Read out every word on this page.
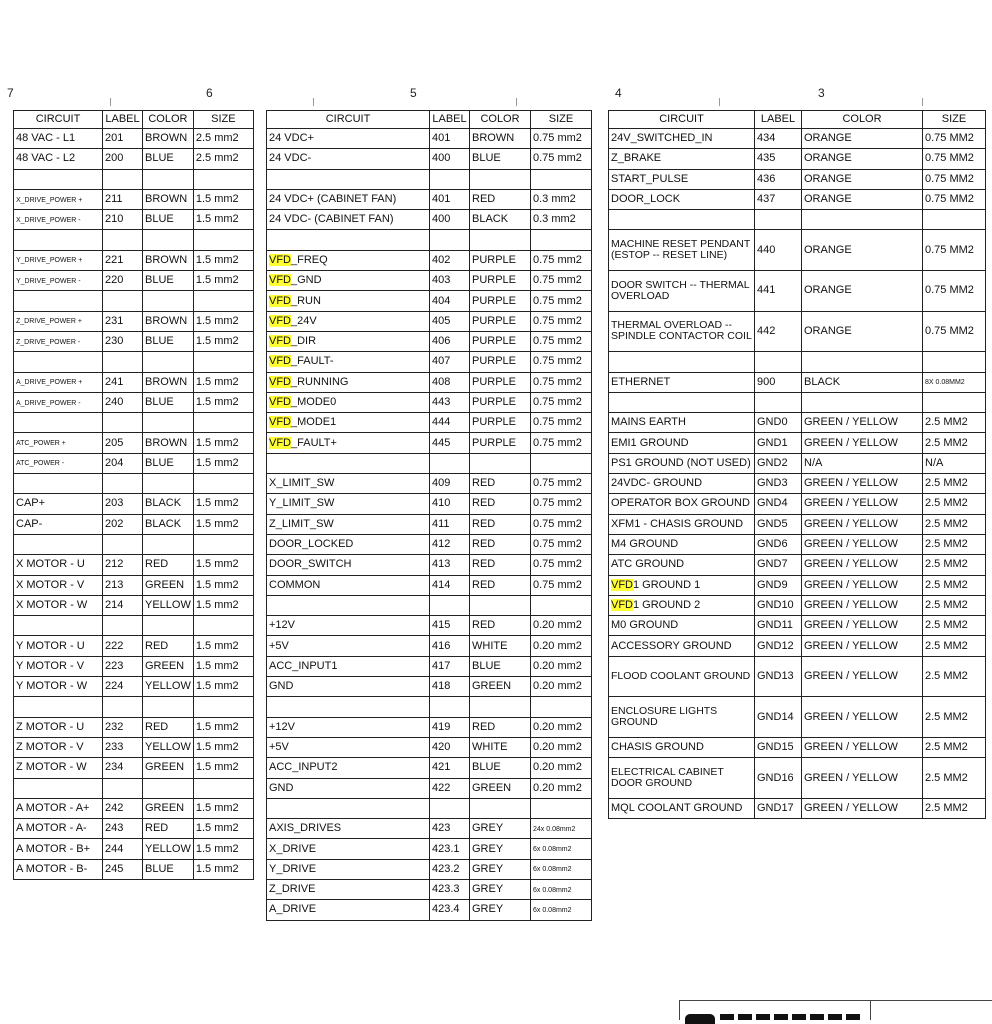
7	6	5	4	3
CIRCUIT	LABEL	COLOR	SIZE
48 VAC - L1	201	BROWN	2.5 mm2
48 VAC - L2	200	BLUE	2.5 mm2

X_DRIVE_POWER +	211	BROWN	1.5 mm2
X_DRIVE_POWER -	210	BLUE	1.5 mm2

Y_DRIVE_POWER +	221	BROWN	1.5 mm2
Y_DRIVE_POWER -	220	BLUE	1.5 mm2

Z_DRIVE_POWER +	231	BROWN	1.5 mm2
Z_DRIVE_POWER -	230	BLUE	1.5 mm2

A_DRIVE_POWER +	241	BROWN	1.5 mm2
A_DRIVE_POWER -	240	BLUE	1.5 mm2

ATC_POWER +	205	BROWN	1.5 mm2
ATC_POWER -	204	BLUE	1.5 mm2

CAP+	203	BLACK	1.5 mm2
CAP-	202	BLACK	1.5 mm2

X MOTOR - U	212	RED	1.5 mm2
X MOTOR - V	213	GREEN	1.5 mm2
X MOTOR - W	214	YELLOW	1.5 mm2

Y MOTOR - U	222	RED	1.5 mm2
Y MOTOR - V	223	GREEN	1.5 mm2
Y MOTOR - W	224	YELLOW	1.5 mm2

Z MOTOR - U	232	RED	1.5 mm2
Z MOTOR - V	233	YELLOW	1.5 mm2
Z MOTOR - W	234	GREEN	1.5 mm2

A MOTOR - A+	242	GREEN	1.5 mm2
A MOTOR - A-	243	RED	1.5 mm2
A MOTOR - B+	244	YELLOW	1.5 mm2
A MOTOR - B-	245	BLUE	1.5 mm2
CIRCUIT	LABEL	COLOR	SIZE
24 VDC+	401	BROWN	0.75 mm2
24 VDC-	400	BLUE	0.75 mm2

24 VDC+ (CABINET FAN)	401	RED	0.3 mm2
24 VDC- (CABINET FAN)	400	BLACK	0.3 mm2

VFD_FREQ	402	PURPLE	0.75 mm2
VFD_GND	403	PURPLE	0.75 mm2
VFD_RUN	404	PURPLE	0.75 mm2
VFD_24V	405	PURPLE	0.75 mm2
VFD_DIR	406	PURPLE	0.75 mm2
VFD_FAULT-	407	PURPLE	0.75 mm2
VFD_RUNNING	408	PURPLE	0.75 mm2
VFD_MODE0	443	PURPLE	0.75 mm2
VFD_MODE1	444	PURPLE	0.75 mm2
VFD_FAULT+	445	PURPLE	0.75 mm2

X_LIMIT_SW	409	RED	0.75 mm2
Y_LIMIT_SW	410	RED	0.75 mm2
Z_LIMIT_SW	411	RED	0.75 mm2
DOOR_LOCKED	412	RED	0.75 mm2
DOOR_SWITCH	413	RED	0.75 mm2
COMMON	414	RED	0.75 mm2

+12V	415	RED	0.20 mm2
+5V	416	WHITE	0.20 mm2
ACC_INPUT1	417	BLUE	0.20 mm2
GND	418	GREEN	0.20 mm2

+12V	419	RED	0.20 mm2
+5V	420	WHITE	0.20 mm2
ACC_INPUT2	421	BLUE	0.20 mm2
GND	422	GREEN	0.20 mm2

AXIS_DRIVES	423	GREY	24x 0.08mm2
X_DRIVE	423.1	GREY	6x 0.08mm2
Y_DRIVE	423.2	GREY	6x 0.08mm2
Z_DRIVE	423.3	GREY	6x 0.08mm2
A_DRIVE	423.4	GREY	6x 0.08mm2
CIRCUIT	LABEL	COLOR	SIZE
24V_SWITCHED_IN	434	ORANGE	0.75 MM2
Z_BRAKE	435	ORANGE	0.75 MM2
START_PULSE	436	ORANGE	0.75 MM2
DOOR_LOCK	437	ORANGE	0.75 MM2

MACHINE RESET PENDANT (ESTOP -- RESET LINE)	440	ORANGE	0.75 MM2
DOOR SWITCH -- THERMAL OVERLOAD	441	ORANGE	0.75 MM2
THERMAL OVERLOAD -- SPINDLE CONTACTOR COIL	442	ORANGE	0.75 MM2

ETHERNET	900	BLACK	8X 0.08MM2

MAINS EARTH	GND0	GREEN / YELLOW	2.5 MM2
EMI1 GROUND	GND1	GREEN / YELLOW	2.5 MM2
PS1 GROUND (NOT USED)	GND2	N/A	N/A
24VDC- GROUND	GND3	GREEN / YELLOW	2.5 MM2
OPERATOR BOX GROUND	GND4	GREEN / YELLOW	2.5 MM2
XFM1 - CHASIS GROUND	GND5	GREEN / YELLOW	2.5 MM2
M4 GROUND	GND6	GREEN / YELLOW	2.5 MM2
ATC GROUND	GND7	GREEN / YELLOW	2.5 MM2
VFD1 GROUND 1	GND9	GREEN / YELLOW	2.5 MM2
VFD1 GROUND 2	GND10	GREEN / YELLOW	2.5 MM2
M0 GROUND	GND11	GREEN / YELLOW	2.5 MM2
ACCESSORY GROUND	GND12	GREEN / YELLOW	2.5 MM2
FLOOD COOLANT GROUND	GND13	GREEN / YELLOW	2.5 MM2
ENCLOSURE LIGHTS GROUND	GND14	GREEN / YELLOW	2.5 MM2
CHASIS GROUND	GND15	GREEN / YELLOW	2.5 MM2
ELECTRICAL CABINET DOOR GROUND	GND16	GREEN / YELLOW	2.5 MM2
MQL COOLANT GROUND	GND17	GREEN / YELLOW	2.5 MM2
